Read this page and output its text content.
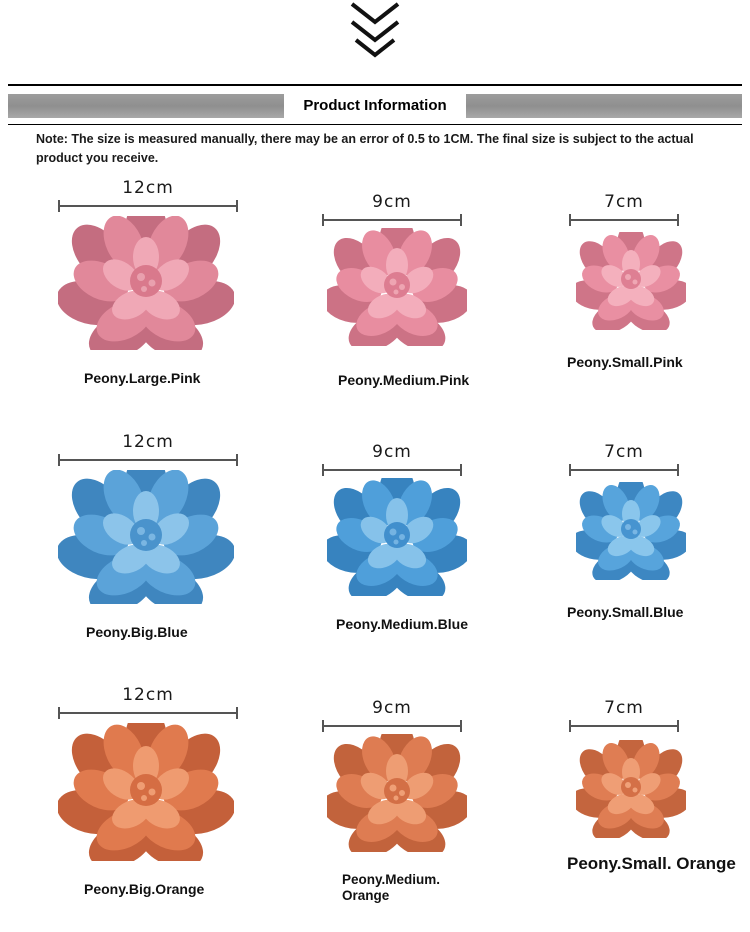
Product Information
Note: The size is measured manually, there may be an error of 0.5 to 1CM. The final size is subject to the actual product you receive.
12cm
Peony.Large.Pink
9cm
Peony.Medium.Pink
7cm
Peony.Small.Pink
12cm
Peony.Big.Blue
9cm
Peony.Medium.Blue
7cm
Peony.Small.Blue
12cm
Peony.Big.Orange
9cm
Peony.Medium. Orange
7cm
Peony.Small. Orange
